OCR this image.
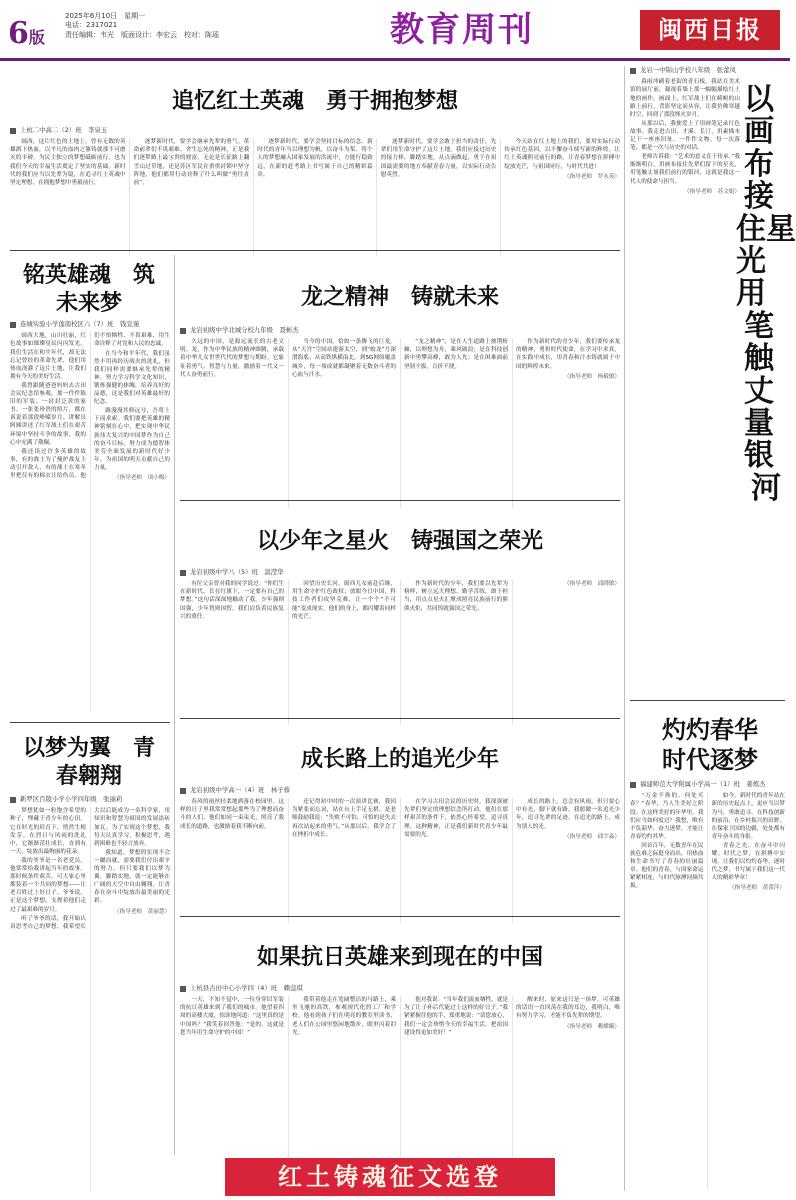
6版
2025年6月10日　星期一
电话：2317021
责任编辑：韦光　版面设计：李宏云　校对：陈瑶	教育周刊	闽西日报
追忆红土英魂　勇于拥抱梦想
上杭二中高二（2）班　李泉玉

闽西，这片红色的土地上，曾有无数的英雄洒下热血，以平凡的血肉之躯铸就那不可磨灭的丰碑。为民主独立的梦想砥砺前行，也为我们今天的幸福生活奠定了坚实的基础。新时代的我们应当以先辈为镜，在追寻红土英魂中坚定理想，在拥抱梦想中勇毅前行。

逐梦新时代，要学会继承先辈的勇气。革命前辈们不畏艰难、舍生忘死的精神，正是我们逐梦路上最宝贵的财富。无论是长征路上翻雪山过草地，还是苏区军民在重重封锁中坚守阵地，他们都用行动诠释了什么叫做“勇往直前”。

逐梦新时代，要学会坚持目标的信念。新时代的青年当以理想为帆，以奋斗为桨。将个人的梦想融入国家发展的洪流中，方能行稳致远，在新的赶考路上书写属于自己的精彩篇章。

逐梦新时代，要学会敢于担当的责任。先辈们用生命守护了这片土地，我们应接过历史的接力棒，脚踏实地，从点滴做起，勇于在祖国最需要的地方奉献青春力量，以实际行动告慰英烈。

今天站在红土地上的我们，要用实际行动传承红色基因，以不懈奋斗续写新的辉煌。让红土英魂照亮前行的路，让青春梦想在拼搏中绽放光芒，与祖国同行，与时代共进！

（指导老师　罗永英）
铭英雄魂　筑未来梦
连城实验小学莲南校区六（7）班　钱宣谨

闽西大地，山川壮丽，红色故事如璀璨星辰闪闪发光。我们生活在和平年代，却无法忘记曾经的革命先辈，他们用热血浇灌了这片土地，让我们拥有今天的美好生活。

我曾跟随爸爸妈妈去古田会议纪念馆参观，那一件件陈旧的军装、一封封泛黄的家书、一张张珍贵的照片，都在诉说着那段峥嵘岁月。讲解员阿姨讲述了红军战士们在艰苦环境中坚持斗争的故事，我的心中充满了敬佩。

我还读过许多英雄的故事，有的战士为了掩护战友主动引开敌人，有的战士在寒冬里把仅有的棉衣让给伤员。他们不怕牺牲、不畏艰难，用生命诠释了对党和人民的忠诚。

在当今和平年代，我们虽然不用再经历战火的洗礼，但我们同样需要继承先辈的精神。努力学习科学文化知识，锻炼强健的体魄，培养良好的品德，这是我们对英雄最好的纪念。

路漫漫其修远兮，吾将上下而求索。我们要把英雄的精神铭刻在心中，把实现中华民族伟大复兴的中国梦作为自己的奋斗目标，努力成为德智体美劳全面发展的新时代好少年，为祖国的明天贡献自己的力量。

（指导老师　项小梅）
以梦为翼　青春翱翔
新罗区百陵小学小学四年级　张丽莉

梦想犹如一粒饱含希望的种子，埋藏于青少年的心田。它在时光的培育下，悄然生根发芽。在烈日与风雨的洗礼中，它渐渐茁壮成长，直到有一天，绽放出最绚丽的花朵。

我的爷爷是一名老党员，他常常给我讲起当年的故事。那时候条件艰苦，可大家心里都装着一个共同的梦想——让老百姓过上好日子。爷爷说，正是这个梦想，支撑着他们走过了最艰难的岁月。

听了爷爷的话，我开始认真思考自己的梦想。我希望长大以后能成为一名科学家，用知识和智慧为祖国的发展添砖加瓦。为了实现这个梦想，我每天认真学习，积极思考，遇到困难也不轻言放弃。

我知道，梦想的实现不会一蹴而就，需要我们付出艰辛的努力。但只要我们以梦为翼，脚踏实地，就一定能够在广阔的天空中自由翱翔，让青春在奋斗中绽放出最美丽的光彩。

（指导老师　黄丽慧）
龙之精神　铸就未来
龙岩初级中学北城分校九年级　聂彬杰

久远的中国，是源远流长的古老文明。龙，作为中华民族的精神图腾，承载着中华儿女世世代代的梦想与期盼。它象征着勇气、智慧与力量，激励着一代又一代人奋勇前行。

当今的中国，恰如一条腾飞的巨龙。从“天宫”空间站遨游太空，到“蛟龙”号深潜海底；从高铁纵横南北，到5G网络覆盖城乡，每一项成就都凝聚着无数奋斗者的心血与汗水。

“龙之精神”，是在人生道路上披荆斩棘，以理想为舟，乘风破浪；是在科技创新中勇攀高峰，敢为人先；是在困难面前坚韧不拔，百折不挠。

作为新时代的青少年，我们要传承龙的精神，勇担时代使命，在学习中求真，在实践中成长，用青春和汗水铸就属于中国的辉煌未来。

（指导老师　杨毅敏）
以少年之星火　铸强国之荣光
龙岩初级中学八（5）班　温滢华

有位父亲曾对我的同学说过：“你们生在新时代，长在红旗下，一定要有自己的梦想。”这句话深深地触动了我。少年强则国强，少年智则国智，我们肩负着民族复兴的重任。

回望历史长河，闽西儿女前赴后继，用生命守护红色政权；放眼今日中国，科技工作者们攻坚克难，让一个个“不可能”变成现实。他们的身上，都闪耀着同样的光芒。

作为新时代的少年，我们要以先辈为榜样，树立远大理想，勤学苦练，敢于担当，用点点星火汇聚成照亮民族前行的熊熊火炬，共同铸就强国之荣光。

（指导老师　邱晓敏）
成长路上的追光少年
龙岩初级中学高一（4）班　林子蓉

春风的雨丝轻柔地洒落在校园里。这样的日子里我常常想起那些为了理想而奋斗的人们，他们如同一束束光，照亮了我成长的道路，也激励着我不断向前。

还记得初中时的一次演讲比赛，我因为紧张而忘词，站在台上手足无措。是老师鼓励我说：“失败不可怕，可怕的是失去再次站起来的勇气。”从那以后，我学会了在挫折中成长。

在学习古田会议的历史时，我深深被先辈们坚定的理想信念所打动。他们在那样艰苦的条件下，依然心怀希望，追寻真理。这种精神，正是我们新时代青少年最需要的光。

成长的路上，总会有风雨，但只要心中有光，脚下就有路。我愿做一名追光少年，追寻先辈的足迹，在追光的路上，成为别人的光。

（指导老师　邱宇淼）
如果抗日英雄来到现在的中国
上杭县古田中心小学四（4）班　赖蓥琪

一天，不知不觉中，一位身穿旧军装的抗日英雄来到了我们的城市。他望着四周的高楼大厦，惊讶地问道：“这里真的是中国吗？”我笑着回答他：“是的，这就是您当年用生命守护的中国！”

我带着他走在宽阔整洁的马路上，乘坐飞驰的高铁，参观现代化的工厂和学校。他看到孩子们在明亮的教室里读书，老人们在公园里悠闲地散步，眼里闪着泪光。

他对我说：“当年我们流血牺牲，就是为了让子孙后代能过上这样的好日子。”我紧紧握住他的手，郑重地说：“请您放心，我们一定会珍惜今天的幸福生活，把祖国建设得更加美好！”

醒来时，原来这只是一场梦。可英雄的话语一直回荡在我的耳边，我明白，唯有努力学习，才能不负先辈的期望。

（指导老师　赖嫦娥）
红土铸魂征文选登
龙岩一中锦山学校八年级　张蕾凤

暮雨冲刷着老街的青石板，我站在美术馆的展厅前，凝视着墙上那一幅幅描绘红土地的画作。画面上，红军战士们在崎岖的山路上前行，背影坚定而从容，让我仿佛穿越时空，回到了那段烽火岁月。

从那以后，我便爱上了用画笔记录红色故事。我走进古田、才溪、长汀，用素描本记下一座座旧址、一件件文物。每一次落笔，都是一次与历史的对话。

老师告诉我：“艺术的意义在于传承。”我渐渐明白，用画布接住先辈们留下的星光，用笔触丈量我们前行的银河，这就是我这一代人的使命与担当。

（指导老师　苏文娟）
以画布接
住星光　用
笔触丈量银
河
灼灼春华　时代逐梦
福建师范大学附属小学高一（1）班　姜炼杰

“万金不换的，何处买春？”春华，乃人生美好之阶段。在这样美好的年华里，我们应当如何度过？我想，唯有不负韶华、奋力逐梦，才能让青春灼灼其华。

回首百年，无数青年在民族危难之际挺身而出，用热血和生命书写了青春的壮丽篇章。他们的青春，与国家命运紧紧相连，与时代脉搏同频共振。

如今，新时代的青年站在新的历史起点上，更应当以梦为马，勇敢追寻。在科技创新的前沿，在乡村振兴的田野，在保家卫国的边疆，处处都有青年奋斗的身影。

青春之光，在奋斗中闪耀；时代之梦，在拼搏中实现。让我们以灼灼春华，逐时代之梦，书写属于我们这一代人的精彩华章！

（指导老师　黄蕾萍）
